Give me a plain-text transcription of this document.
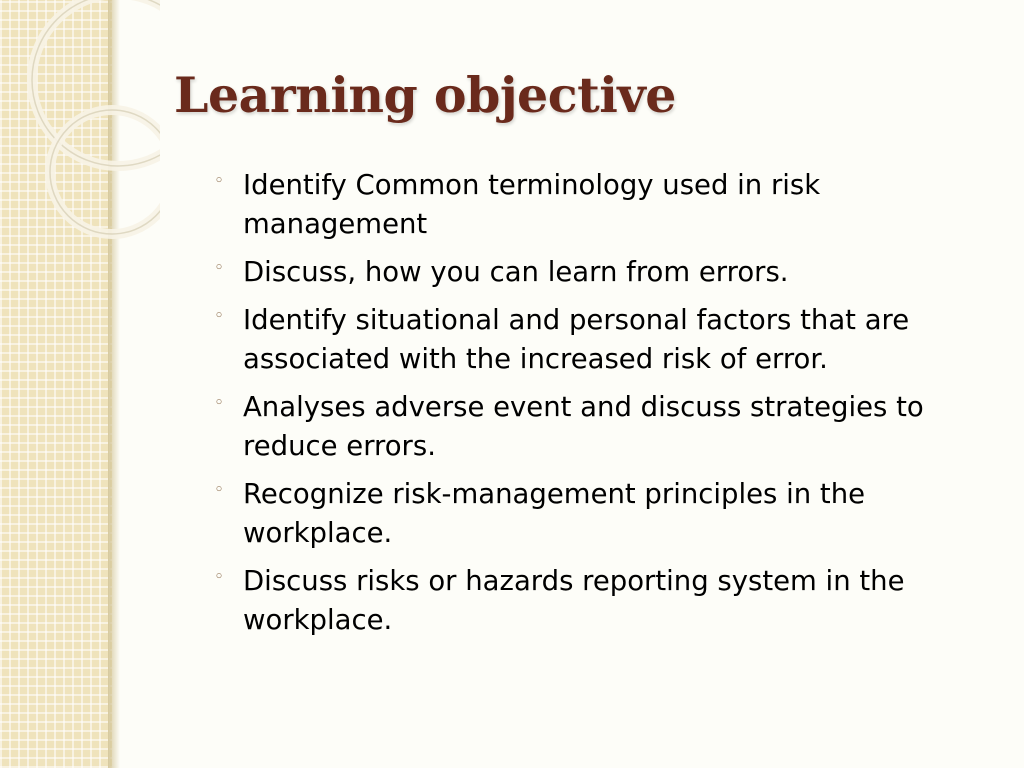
Learning objective
◦ Identify Common terminology used in risk management
◦ Discuss, how you can learn from errors.
◦ Identify situational and personal factors that are associated with the increased risk of error.
◦ Analyses adverse event and discuss strategies to reduce errors.
◦ Recognize risk-management principles in the workplace.
◦ Discuss risks or hazards reporting system in the workplace.
